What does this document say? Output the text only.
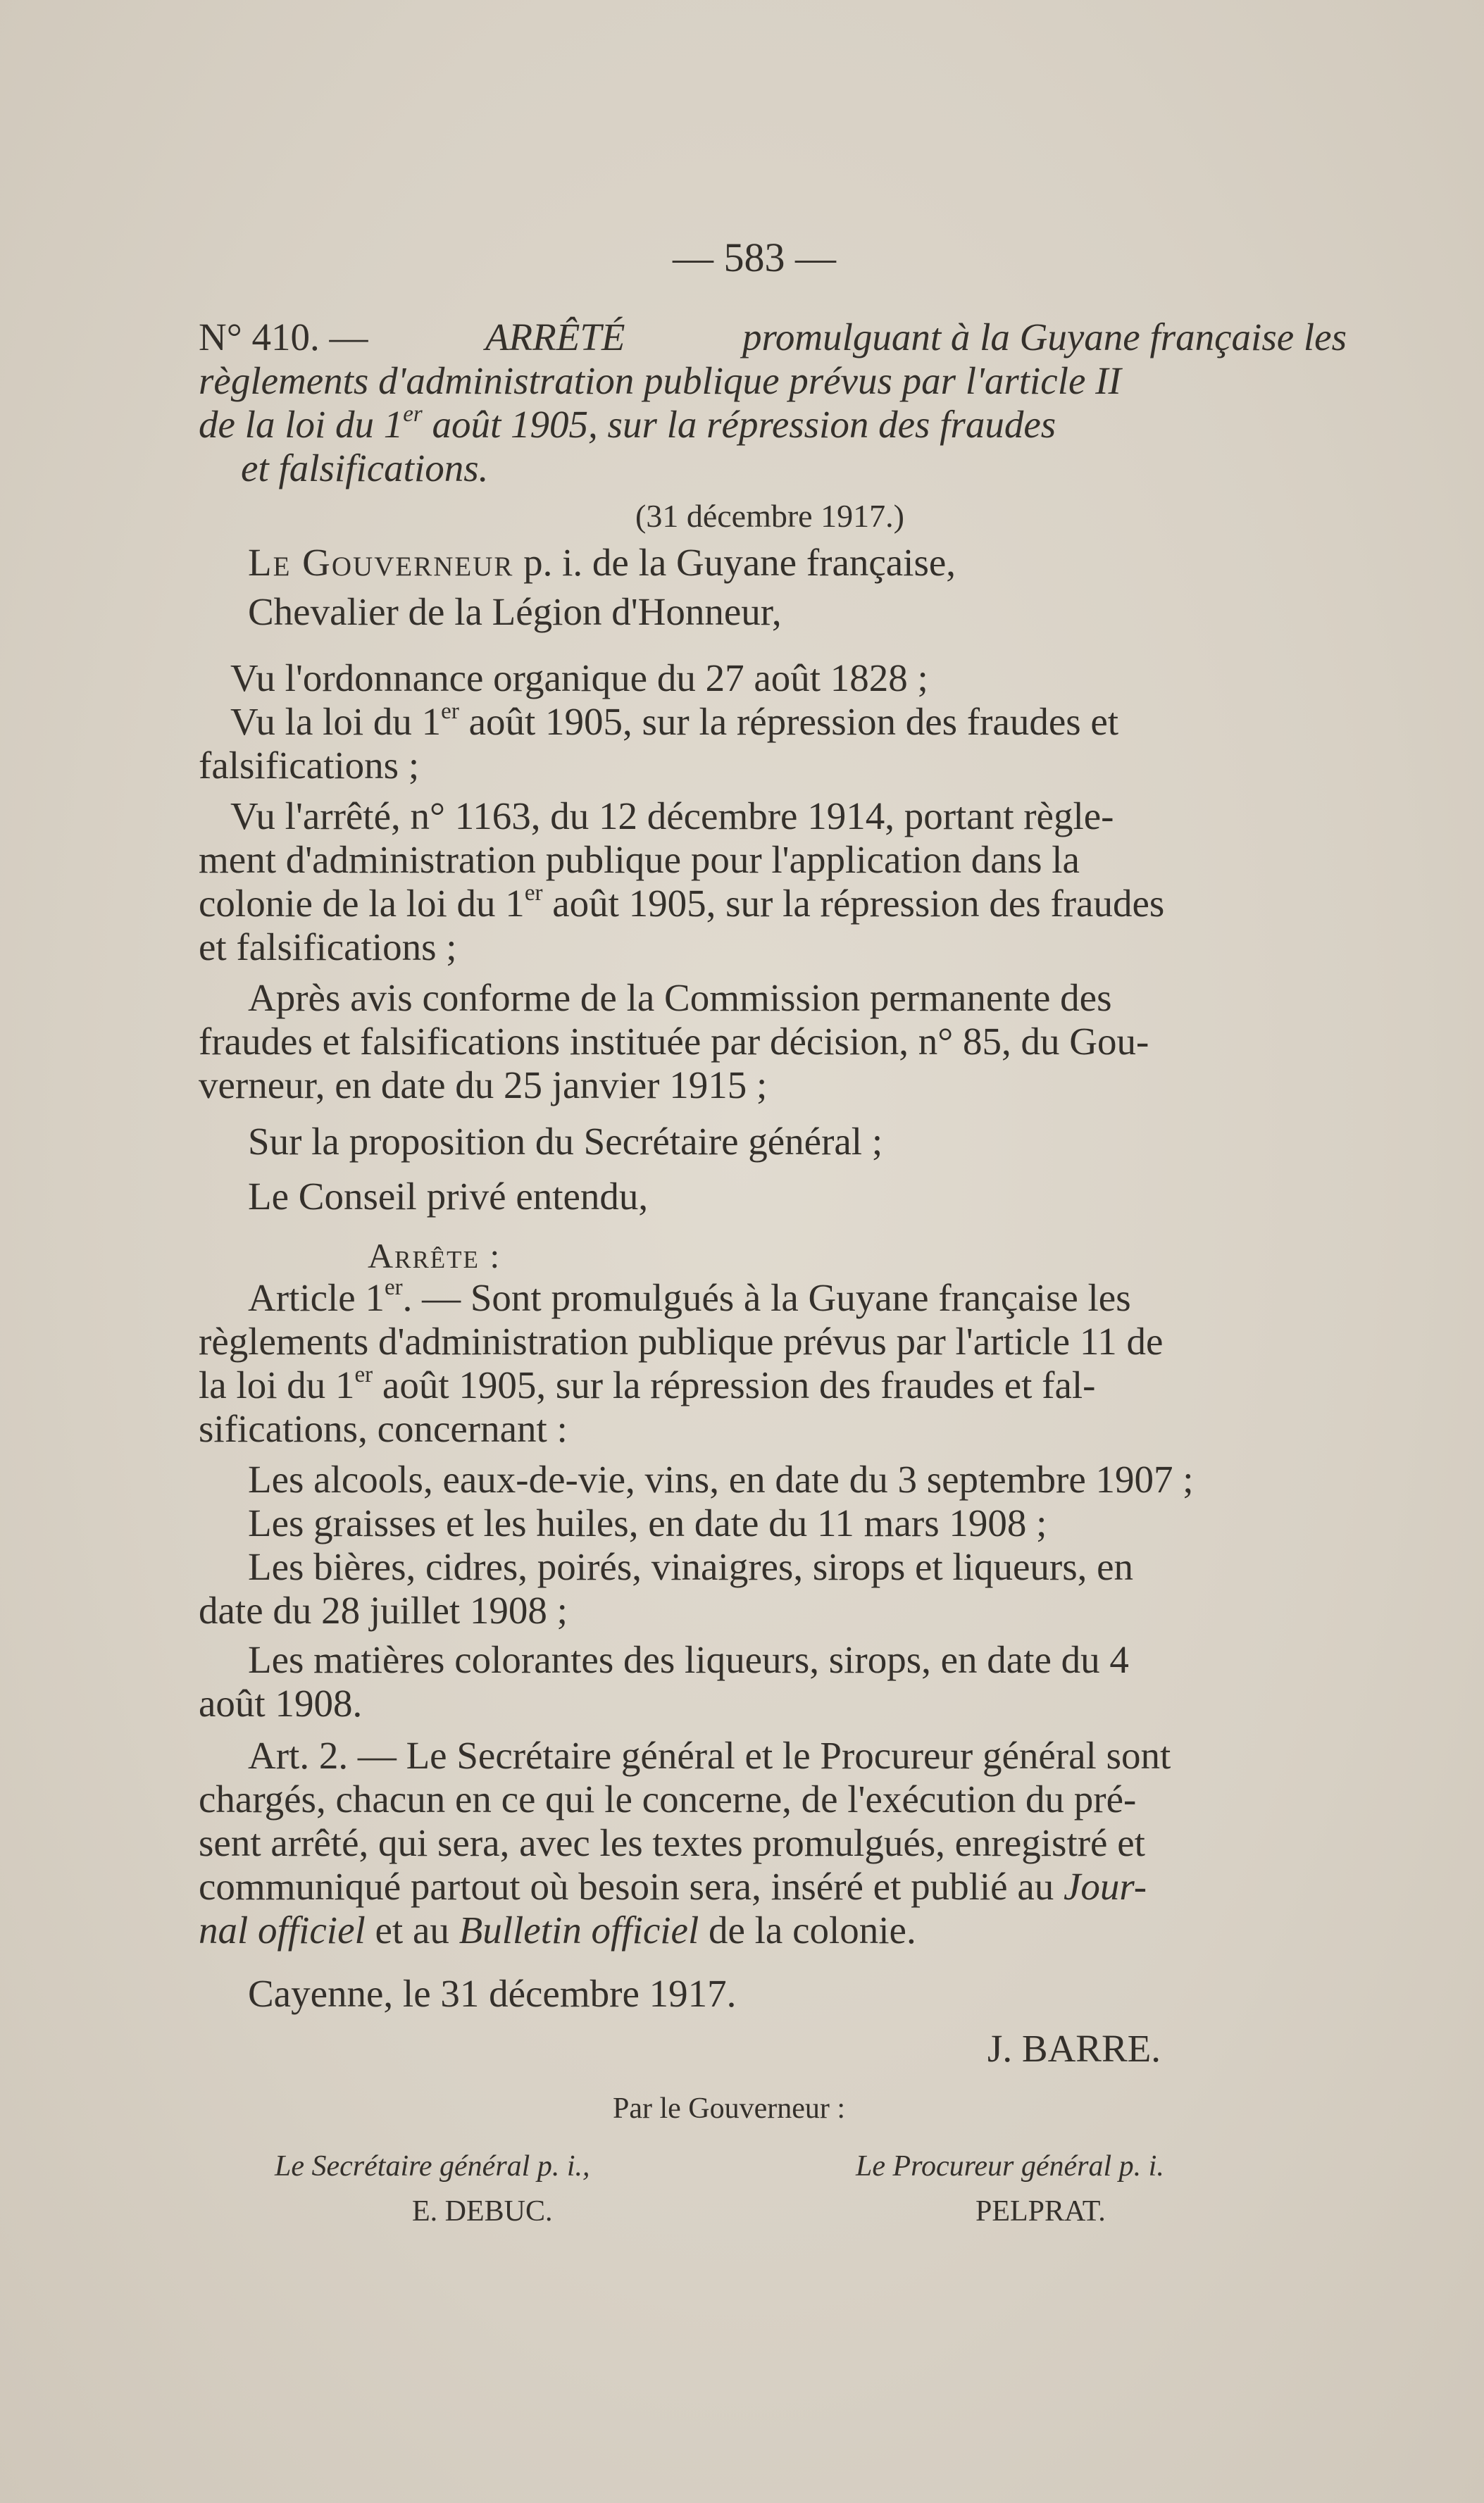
— 583 —
N° 410. —	ARRÊTÉ	promulguant à la Guyane française les
règlements d'administration publique prévus par l'article II
de la loi du 1er août 1905, sur la répression des fraudes
et falsifications.
(31 décembre 1917.)
Le Gouverneur p. i. de la Guyane française,
Chevalier de la Légion d'Honneur,
Vu l'ordonnance organique du 27 août 1828 ;
Vu la loi du 1er août 1905, sur la répression des fraudes et
falsifications ;
Vu l'arrêté, n° 1163, du 12 décembre 1914, portant règle-
ment d'administration publique pour l'application dans la
colonie de la loi du 1er août 1905, sur la répression des fraudes
et falsifications ;
Après avis conforme de la Commission permanente des
fraudes et falsifications instituée par décision, n° 85, du Gou-
verneur, en date du 25 janvier 1915 ;
Sur la proposition du Secrétaire général ;
Le Conseil privé entendu,
Arrête :
Article 1er. — Sont promulgués à la Guyane française les
règlements d'administration publique prévus par l'article 11 de
la loi du 1er août 1905, sur la répression des fraudes et fal-
sifications, concernant :
Les alcools, eaux-de-vie, vins, en date du 3 septembre 1907 ;
Les graisses et les huiles, en date du 11 mars 1908 ;
Les bières, cidres, poirés, vinaigres, sirops et liqueurs, en
date du 28 juillet 1908 ;
Les matières colorantes des liqueurs, sirops, en date du 4
août 1908.
Art. 2. — Le Secrétaire général et le Procureur général sont
chargés, chacun en ce qui le concerne, de l'exécution du pré-
sent arrêté, qui sera, avec les textes promulgués, enregistré et
communiqué partout où besoin sera, inséré et publié au Jour-
nal officiel et au Bulletin officiel de la colonie.
Cayenne, le 31 décembre 1917.
J. BARRE.
Par le Gouverneur :
Le Secrétaire général p. i.,
E. DEBUC.
Le Procureur général p. i.
PELPRAT.
